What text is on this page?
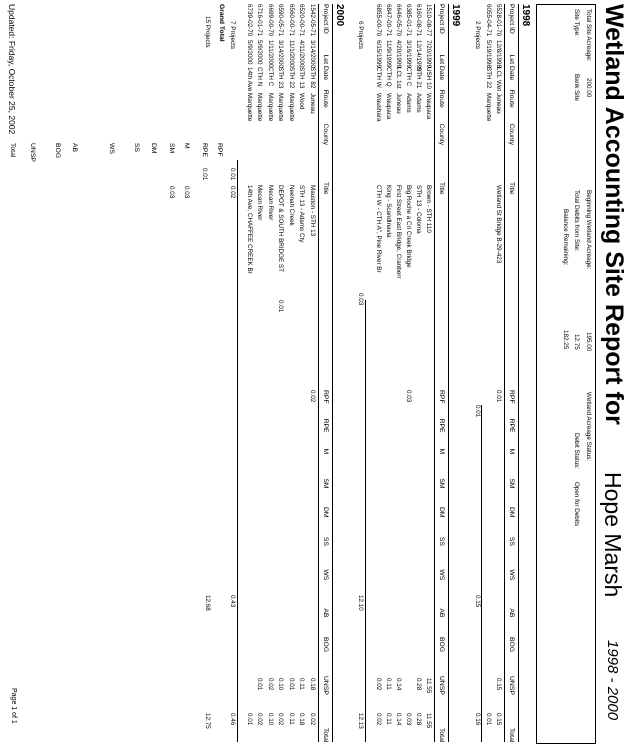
Wetland Accounting Site Report for
Hope Marsh
1998 - 2000
Total Site Acreage:
200.00
Site Type:
Bank Site
Beginning Wetland Acreage:
195.00
Total Debits from Site:
12.75
Balance Remaining:
182.25
Wetland Acreage Status:
Debit Status:
Open for Debits
1998
Project ID
Let Date
Route
County
Title
RPF
RPE
M
SM
DM
SS
WS
AB
BOG
UNSP
Total
5528-01-70
12/8/1998
LCL Wet
Juneau
Wetland St Bridge B-29-423
0.01
0.15
0.15
6055-04-71
5/19/1998
STH 22
Marquette
0.01
2 Projects
0.01
0.15
0.16
1999
Project ID
Let Date
Route
County
Title
RPF
RPE
M
SM
DM
SS
WS
AB
BOG
UNSP
Total
1510-08-77
7/20/1999
USH 10
Waupaca
Brown - STH 110
11.55
11.55
6160-08-71
12/14/1999
STH 21
Adams
STH 13 - Coloma
0.28
0.28
6385-01-71
3/16/1999
CTH C
Adams
Big Roche a Cri Creek Bridge
0.03
0.03
6646-05-70
4/20/1999
LCL 1st
Juneau
First Street East Bridge, Cranberr
0.14
0.14
6847-00-71
11/9/1999
CTH Q
Waupaca
King - Scandinavia
0.11
0.11
6855-00-70
6/15/1999
CTH W
Waushara
CTH W - CTH A", Pine River Br
0.02
0.02
6 Projects
0.03
12.10
12.13
2000
Project ID
Let Date
Route
County
Title
RPF
RPE
M
SM
DM
SS
WS
AB
BOG
UNSP
Total
1542-05-71
3/14/2000
STH 82
Juneau
Mauston - STH 13
0.02
0.18
0.02
6520-00-71
4/11/2000
STH 13
Wood
STH 13 - Adams Cty
0.11
0.18
6560-00-71
11/1/2000
STH 22
Marquette
Neenah Creek
0.01
0.11
6590-05-71
3/14/2000
STH 23
Marquette
DEPOT & SOUTH BRIDGE ST
0.01
0.10
0.02
6699-00-70
1/11/2000
CTH C
Marquette
Mecan River
0.02
0.10
6716-01-71
5/9/2000
CTH N
Marquette
Mecan River
0.01
0.02
6739-02-70
5/9/2000
14th Ave
Marquette
14th Ave, CHAFFEE CREEK Br
0.01
7 Projects
0.01
0.02
0.43
0.46
Grand Total
15 Projects
RPF
RPE
M
SM
DM
SS
WS
AB
BOG
UNSP
Total
0.01
0.03
0.03
12.68
12.75
Updated: Friday, October 25, 2002
Page 1 of 1
